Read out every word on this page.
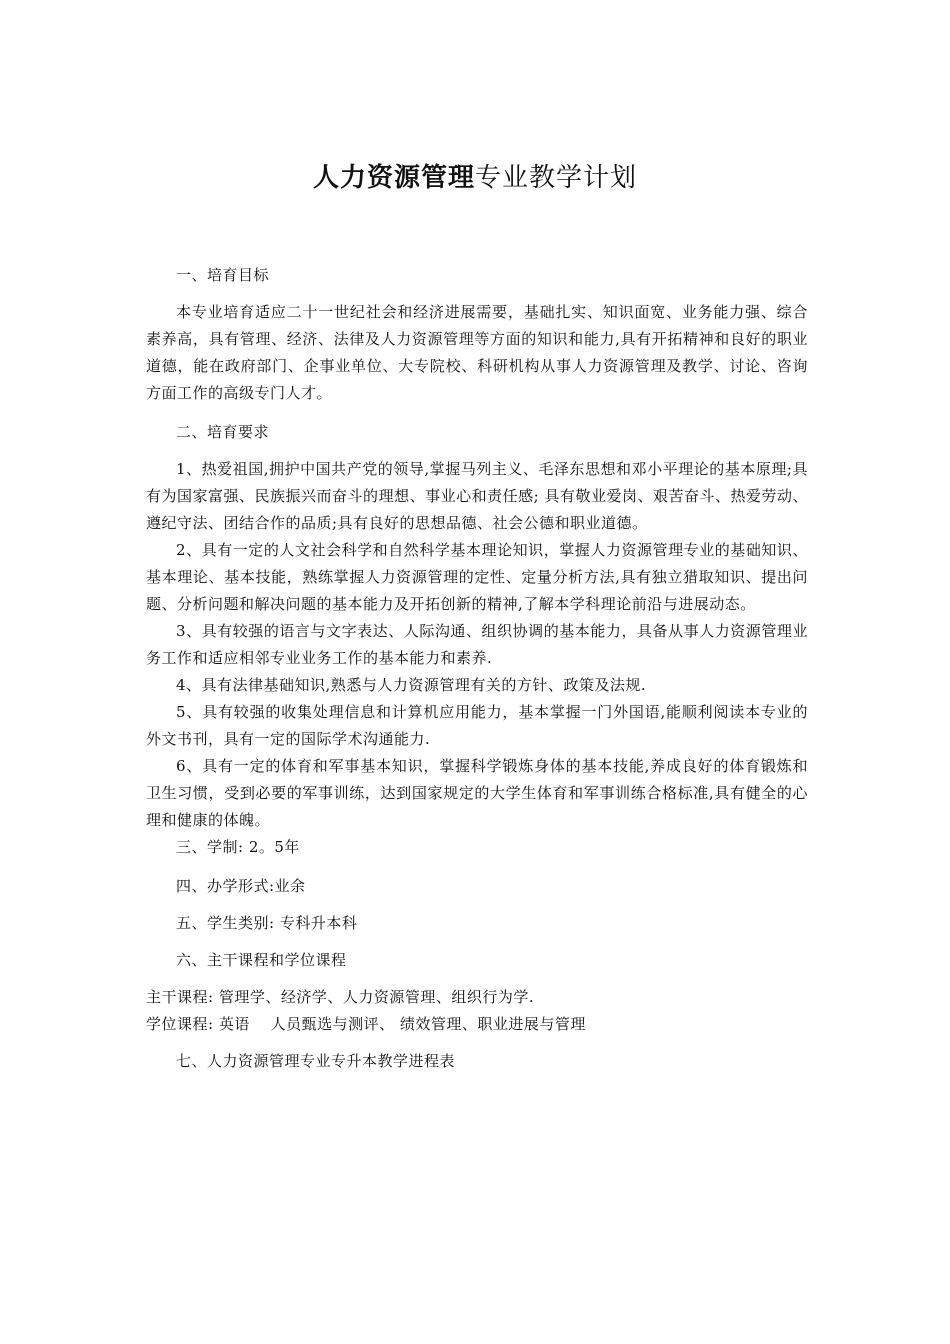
人力资源管理专业教学计划

一、培育目标

本专业培育适应二十一世纪社会和经济进展需要，基础扎实、知识面宽、业务能力强、综合素养高，具有管理、经济、法律及人力资源管理等方面的知识和能力,具有开拓精神和良好的职业道德，能在政府部门、企事业单位、大专院校、科研机构从事人力资源管理及教学、讨论、咨询方面工作的高级专门人才。

二、培育要求

1、热爱祖国,拥护中国共产党的领导,掌握马列主义、毛泽东思想和邓小平理论的基本原理;具有为国家富强、民族振兴而奋斗的理想、事业心和责任感; 具有敬业爱岗、艰苦奋斗、热爱劳动、遵纪守法、团结合作的品质;具有良好的思想品德、社会公德和职业道德。

2、具有一定的人文社会科学和自然科学基本理论知识，掌握人力资源管理专业的基础知识、基本理论、基本技能，熟练掌握人力资源管理的定性、定量分析方法,具有独立猎取知识、提出问题、分析问题和解决问题的基本能力及开拓创新的精神,了解本学科理论前沿与进展动态。

3、具有较强的语言与文字表达、人际沟通、组织协调的基本能力，具备从事人力资源管理业务工作和适应相邻专业业务工作的基本能力和素养.

4、具有法律基础知识,熟悉与人力资源管理有关的方针、政策及法规.

5、具有较强的收集处理信息和计算机应用能力，基本掌握一门外国语,能顺利阅读本专业的外文书刊，具有一定的国际学术沟通能力.

6、具有一定的体育和军事基本知识，掌握科学锻炼身体的基本技能,养成良好的体育锻炼和卫生习惯，受到必要的军事训练，达到国家规定的大学生体育和军事训练合格标准,具有健全的心理和健康的体魄。

三、学制: 2。5年

四、办学形式:业余

五、学生类别: 专科升本科

六、主干课程和学位课程

主干课程: 管理学、经济学、人力资源管理、组织行为学.

学位课程: 英语　 人员甄选与测评、 绩效管理、职业进展与管理

七、人力资源管理专业专升本教学进程表
